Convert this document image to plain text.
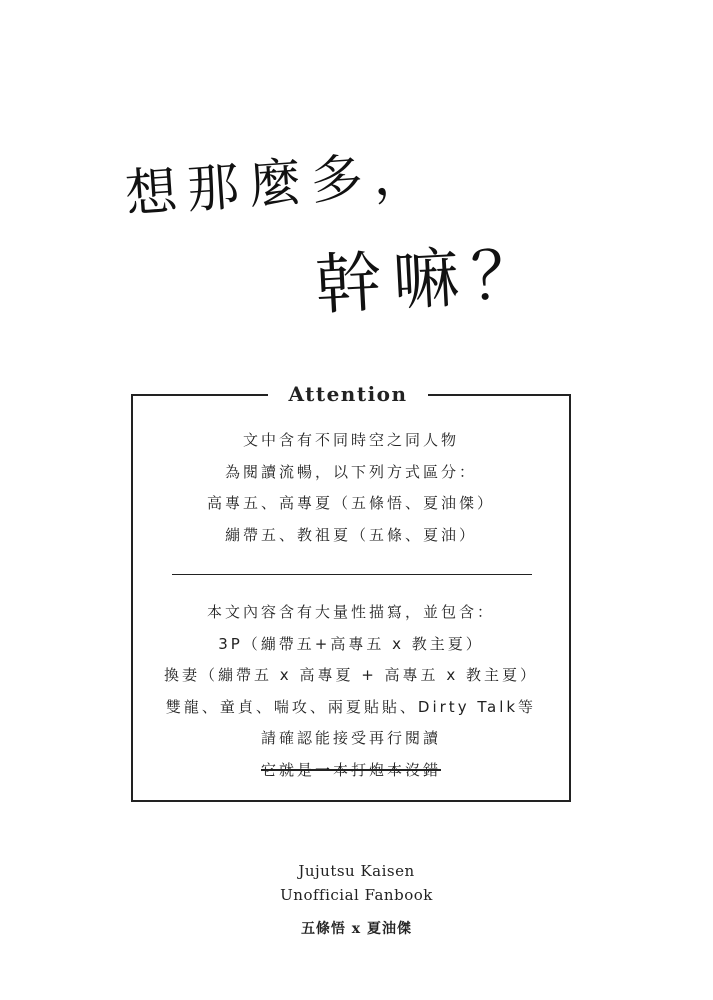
想那麼多，
幹嘛？
Attention
文中含有不同時空之同人物
為閱讀流暢，以下列方式區分：
高專五、高專夏（五條悟、夏油傑）
繃帶五、教祖夏（五條、夏油）
本文內容含有大量性描寫，並包含：
3P（繃帶五+高專五 x 教主夏）
換妻（繃帶五 x 高專夏 + 高專五 x 教主夏）
雙龍、童貞、喘攻、兩夏貼貼、Dirty Talk等
請確認能接受再行閱讀
它就是一本打炮本沒錯
Jujutsu Kaisen
Unofficial Fanbook
五條悟 x 夏油傑
